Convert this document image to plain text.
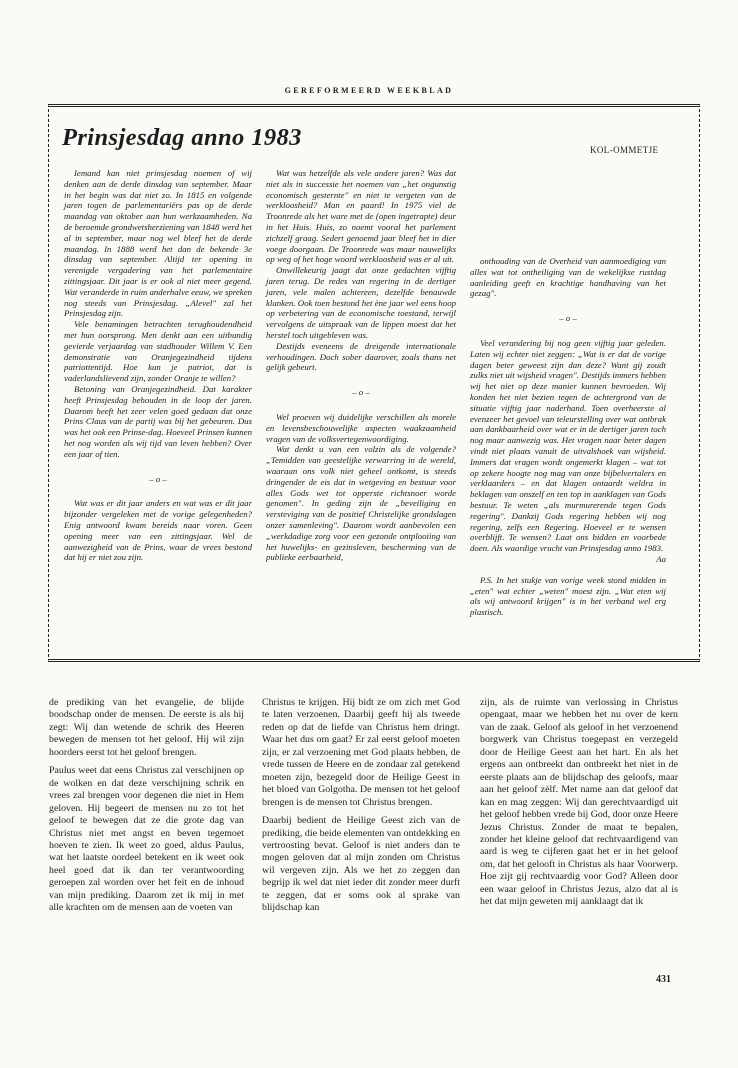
GEREFORMEERD WEEKBLAD
Prinsjesdag anno 1983	KOL-OMMETJE

Iemand kan niet prinsjesdag noemen of wij denken aan de derde dinsdag van september. Maar in het begin was dat niet zo. In 1815 en volgende jaren togen de parlementariërs pas op de derde maandag van oktober aan hun werkzaamheden. Na de beroemde grondwetsherziening van 1848 werd het al in september, maar nog wel bleef het de derde maandag. In 1888 werd het dan de bekende 3e dinsdag van september. Altijd ter opening in verenigde vergadering van het parlementaire zittingsjaar. Dit jaar is er ook al niet meer gegend. Wat veranderde in ruim anderhalve eeuw, we spreken nog steeds van Prinsjesdag. „Alevel" zal het Prinsjesdag zijn.

Vele benamingen betrachten terughoudendheid met hun oorsprong. Men denkt aan een uitbundig gevierde verjaardag van stadhouder Willem V. Een demonstratie van Oranjegezindheid tijdens patriottentijd. Hoe kun je patriot, dat is vaderlandslievend zijn, zonder Oranje te willen?

Betoning van Oranjegezindheid. Dat karakter heeft Prinsjesdag behouden in de loop der jaren. Daarom heeft het zeer velen goed gedaan dat onze Prins Claus van de partij was bij het gebeuren. Dus was het ook een Prinse-dag. Hoeveel Prinsen kunnen het nog worden als wij tijd van leven hebben? Over een jaar of tien.

– o –

Wat was er dit jaar anders en wat was er dit jaar bijzonder vergeleken met de vorige gelegenheden? Enig antwoord kwam bereids naar voren. Geen opening meer van een zittingsjaar. Wel de aanwezigheid van de Prins, waar de vrees bestond dat hij er niet zou zijn.

Wat was hetzelfde als vele andere jaren? Was dat niet als in successie het noemen van „het ongunstig economisch gesternte" en niet te vergeten van de werkloosheid? Man en paard! In 1975 viel de Troonrede als het ware met de (open ingetrapte) deur in het Huis. Huis, zo noemt vooral het parlement zichzelf graag. Sedert genoemd jaar bleef het in dier voege doorgaan. De Troonrede was maar nauwelijks op weg of het hoge woord werkloosheid was er al uit.

Onwillekeurig jaagt dat onze gedachten vijftig jaren terug. De redes van regering in de dertiger jaren, vele malen achtereen, dezelfde benauwde klanken. Ook toen bestond het ène jaar wel eens hoop op verbetering van de economische toestand, terwijl vervolgens de uitspraak van de lippen moest dat het herstel toch uitgebleven was.

Destijds eveneens de dreigende internationale verhoudingen. Doch sober daarover, zoals thans net gelijk gebeurt.

– o –

Wel proeven wij duidelijke verschillen als morele en levensbeschouwelijke aspecten waakzaamheid vragen van de volksvertegenwoordiging.

Wat denkt u van een volzin als de volgende? „Temidden van geestelijke verwarring in de wereld, waaraan ons volk niet geheel ontkomt, is steeds dringender de eis dat in wetgeving en bestuur voor alles Gods wet tot opperste richtsnoer worde genomen". In geding zijn de „beveiliging en versteviging van de positief Christelijke grondslagen onzer samenleving". Daarom wordt aanbevolen een „werkdadige zorg voor een gezonde ontplooiing van het huwelijks- en gezinsleven, bescherming van de publieke eerbaarheid,

onthouding van de Overheid van aanmoediging van alles wat tot ontheiliging van de wekelijkse rustdag aanleiding geeft en krachtige handhaving van het gezag".

– o –

Veel verandering bij nog geen vijftig jaar geleden. Laten wij echter niet zeggen: „Wat is er dat de vorige dagen beter geweest zijn dan deze? Want gij zoudt zulks niet uit wijsheid vragen". Destijds immers hebben wij het niet op deze manier kunnen bevroeden. Wij konden het niet bezien tegen de achtergrond van de situatie vijftig jaar naderhand. Toen overheerste al evenzeer het gevoel van teleurstelling over wat ontbrak aan dankbaarheid over wat er in de dertiger jaren toch nog maar aanwezig was. Het vragen naar beter dagen vindt niet plaats vanuit de uitvalshoek van wijsheid. Immers dat vragen wordt ongemerkt klagen – wat tot op zekere hoogte nog mag van onze bijbelvertalers en verklaarders – en dat klagen ontaardt weldra in beklagen van onszelf en ten top in aanklagen van Gods bestuur. Te weten „als murmurerende tegen Gods regering". Dankzij Gods regering hebben wij nog regering, zelfs een Regering. Hoeveel er te wensen overblijft. Te wensen? Laat ons bidden en voorbede doen. Als waardige vrucht van Prinsjesdag anno 1983.

Aa

P.S. In het stukje van vorige week stond midden in „eten" wat echter „weten" moest zijn. „Wat eten wij als wij antwoord krijgen" is in het verband wel erg plastisch.

de prediking van het evangelie, de blijde boodschap onder de mensen. De eerste is als hij zegt: Wij dan wetende de schrik des Heeren bewegen de mensen tot het geloof. Hij wil zijn hoorders eerst tot het geloof brengen.

Paulus weet dat eens Christus zal verschijnen op de wolken en dat deze verschijning schrik en vrees zal brengen voor degenen die niet in Hem geloven. Hij begeert de mensen nu zo tot het geloof te bewegen dat ze die grote dag van Christus niet met angst en beven tegemoet hoeven te zien. Ik weet zo goed, aldus Paulus, wat het laatste oordeel betekent en ik weet ook heel goed dat ik dan ter verantwoording geroepen zal worden over het feit en de inhoud van mijn prediking. Daarom zet ik mij in met alle krachten om de mensen aan de voeten van

Christus te krijgen. Hij bidt ze om zich met God te laten verzoenen. Daarbij geeft hij als tweede reden op dat de liefde van Christus hem dringt. Waar het dus om gaat? Er zal eerst geloof moeten zijn, er zal verzoening met God plaats hebben, de vrede tussen de Heere en de zondaar zal getekend moeten zijn, bezegeld door de Heilige Geest in het bloed van Golgotha. De mensen tot het geloof brengen is de mensen tot Christus brengen.

Daarbij bedient de Heilige Geest zich van de prediking, die beide elementen van ontdekking en vertroosting bevat. Geloof is niet anders dan te mogen geloven dat al mijn zonden om Christus wil vergeven zijn. Als we het zo zeggen dan begrijp ik wel dat niet ieder dit zonder meer durft te zeggen, dat er soms ook al sprake van blijdschap kan

zijn, als de ruimte van verlossing in Christus opengaat, maar we hebben het nu over de kern van de zaak. Geloof als geloof in het verzoenend borgwerk van Christus toegepast en verzegeld door de Heilige Geest aan het hart. En als het ergens aan ontbreekt dan ontbreekt het niet in de eerste plaats aan de blijdschap des geloofs, maar aan het geloof zèlf. Met name aan dat geloof dat kan en mag zeggen: Wij dan gerechtvaardigd uit het geloof hebben vrede bij God, door onze Heere Jezus Christus. Zonder de maat te bepalen, zonder het kleine geloof dat rechtvaardigend van aard is weg te cijferen gaat het er in het geloof om, dat het gelooft in Christus als haar Voorwerp. Hoe zijt gij rechtvaardig voor God? Alleen door een waar geloof in Christus Jezus, alzo dat al is het dat mijn geweten mij aanklaagt dat ik

431
